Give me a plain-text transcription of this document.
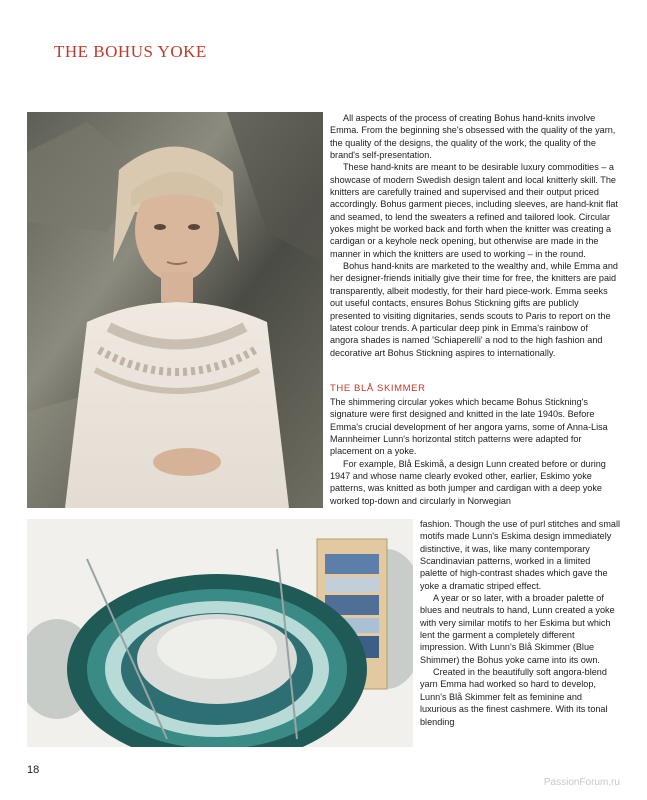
THE BOHUS YOKE

All aspects of the process of creating Bohus hand-knits involve Emma. From the beginning she's obsessed with the quality of the yarn, the quality of the designs, the quality of the work, the quality of the brand's self-presentation.

These hand-knits are meant to be desirable luxury commodities – a showcase of modern Swedish design talent and local knitterly skill. The knitters are carefully trained and supervised and their output priced accordingly. Bohus garment pieces, including sleeves, are hand-knit flat and seamed, to lend the sweaters a refined and tailored look. Circular yokes might be worked back and forth when the knitter was creating a cardigan or a keyhole neck opening, but otherwise are made in the manner in which the knitters are used to working – in the round.

Bohus hand-knits are marketed to the wealthy and, while Emma and her designer-friends initially give their time for free, the knitters are paid transparently, albeit modestly, for their hard piece-work. Emma seeks out useful contacts, ensures Bohus Stickning gifts are publicly presented to visiting dignitaries, sends scouts to Paris to report on the latest colour trends. A particular deep pink in Emma's rainbow of angora shades is named 'Schiaperelli' a nod to the high fashion and decorative art Bohus Stickning aspires to internationally.

THE BLÅ SKIMMER

The shimmering circular yokes which became Bohus Stickning's signature were first designed and knitted in the late 1940s. Before Emma's crucial development of her angora yarns, some of Anna-Lisa Mannheimer Lunn's horizontal stitch patterns were adapted for placement on a yoke.

For example, Blå Eskimå, a design Lunn created before or during 1947 and whose name clearly evoked other, earlier, Eskimo yoke patterns, was knitted as both jumper and cardigan with a deep yoke worked top-down and circularly in Norwegian

fashion. Though the use of purl stitches and small motifs made Lunn's Eskima design immediately distinctive, it was, like many contemporary Scandinavian patterns, worked in a limited palette of high-contrast shades which gave the yoke a dramatic striped effect.

A year or so later, with a broader palette of blues and neutrals to hand, Lunn created a yoke with very similar motifs to her Eskima but which lent the garment a completely different impression. With Lunn's Blå Skimmer (Blue Shimmer) the Bohus yoke came into its own.

Created in the beautifully soft angora-blend yarn Emma had worked so hard to develop, Lunn's Blå Skimmer felt as feminine and luxurious as the finest cashmere. With its tonal blending

18
PassionForum.ru
